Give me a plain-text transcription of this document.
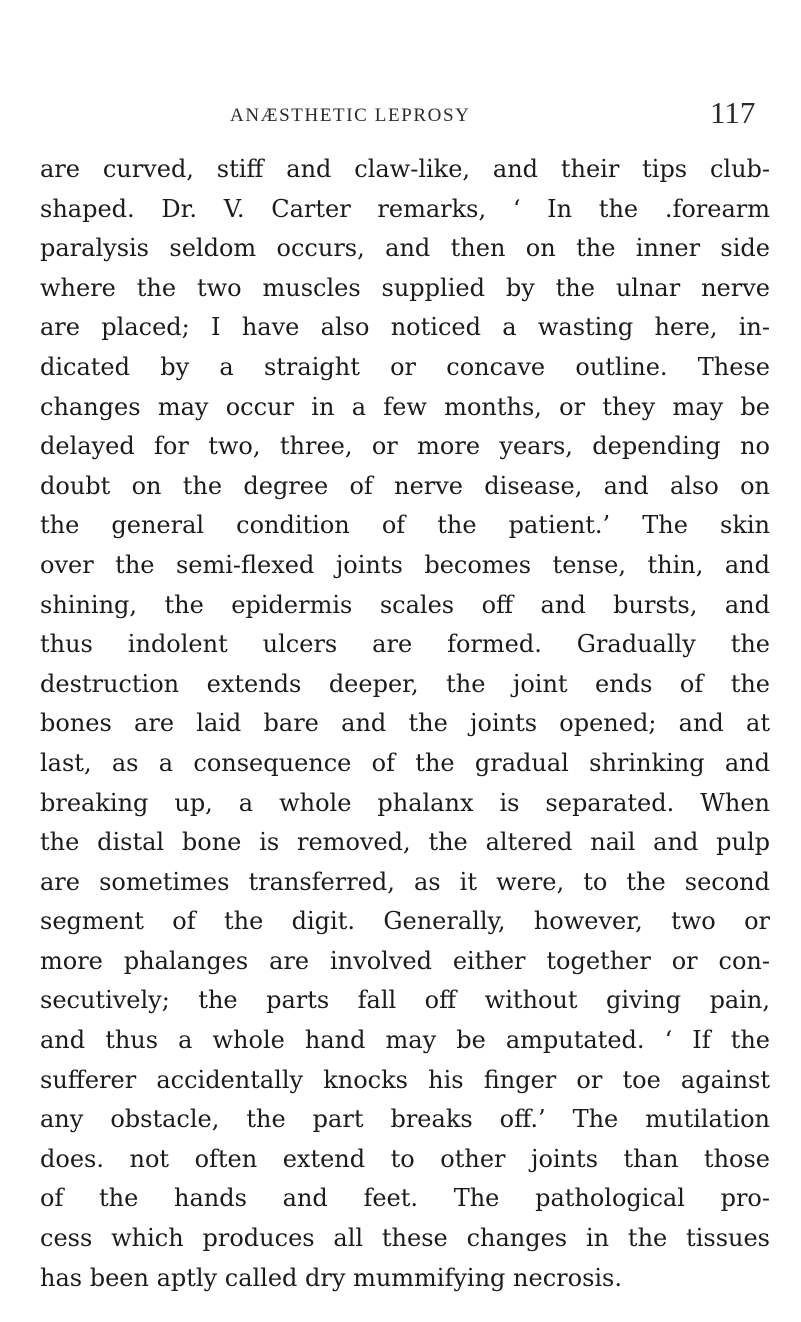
ANÆSTHETIC LEPROSY	117
are curved, stiff and claw-like, and their tips club-
shaped. Dr. V. Carter remarks, ‘ In the .forearm
paralysis seldom occurs, and then on the inner side
where the two muscles supplied by the ulnar nerve
are placed; I have also noticed a wasting here, in-
dicated by a straight or concave outline. These
changes may occur in a few months, or they may be
delayed for two, three, or more years, depending no
doubt on the degree of nerve disease, and also on
the general condition of the patient.’ The skin
over the semi-flexed joints becomes tense, thin, and
shining, the epidermis scales off and bursts, and
thus indolent ulcers are formed. Gradually the
destruction extends deeper, the joint ends of the
bones are laid bare and the joints opened; and at
last, as a consequence of the gradual shrinking and
breaking up, a whole phalanx is separated. When
the distal bone is removed, the altered nail and pulp
are sometimes transferred, as it were, to the second
segment of the digit. Generally, however, two or
more phalanges are involved either together or con-
secutively; the parts fall off without giving pain,
and thus a whole hand may be amputated. ‘ If the
sufferer accidentally knocks his finger or toe against
any obstacle, the part breaks off.’ The mutilation
does. not often extend to other joints than those
of the hands and feet. The pathological pro-
cess which produces all these changes in the tissues
has been aptly called dry mummifying necrosis.
